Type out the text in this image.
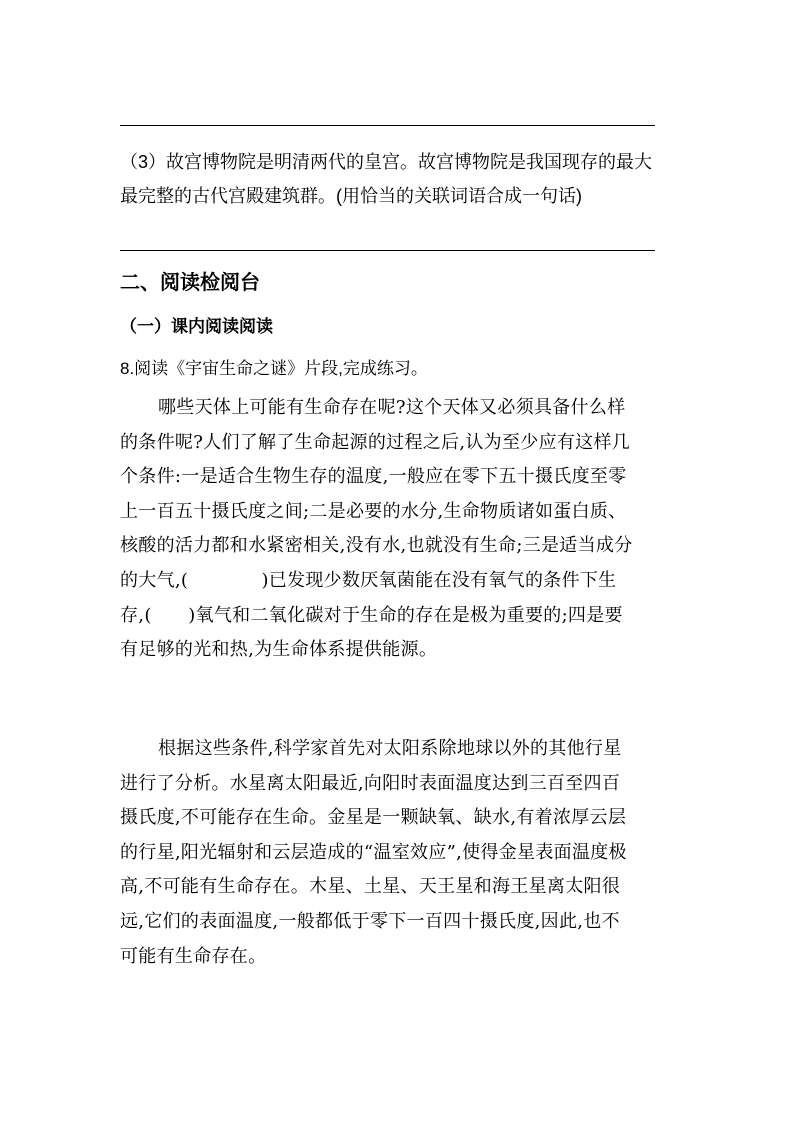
（3）故宫博物院是明清两代的皇宫。故宫博物院是我国现存的最大
最完整的古代宫殿建筑群。(用恰当的关联词语合成一句话)
二、阅读检阅台
（一）课内阅读阅读
8.阅读《宇宙生命之谜》片段,完成练习。
哪些天体上可能有生命存在呢?这个天体又必须具备什么样
的条件呢?人们了解了生命起源的过程之后,认为至少应有这样几
个条件:一是适合生物生存的温度,一般应在零下五十摄氏度至零
上一百五十摄氏度之间;二是必要的水分,生命物质诸如蛋白质、
核酸的活力都和水紧密相关,没有水,也就没有生命;三是适当成分
的大气,(　　　　)已发现少数厌氧菌能在没有氧气的条件下生
存,(　　)氧气和二氧化碳对于生命的存在是极为重要的;四是要
有足够的光和热,为生命体系提供能源。
根据这些条件,科学家首先对太阳系除地球以外的其他行星
进行了分析。水星离太阳最近,向阳时表面温度达到三百至四百
摄氏度,不可能存在生命。金星是一颗缺氧、缺水,有着浓厚云层
的行星,阳光辐射和云层造成的“温室效应”,使得金星表面温度极
高,不可能有生命存在。木星、土星、天王星和海王星离太阳很
远,它们的表面温度,一般都低于零下一百四十摄氏度,因此,也不
可能有生命存在。
